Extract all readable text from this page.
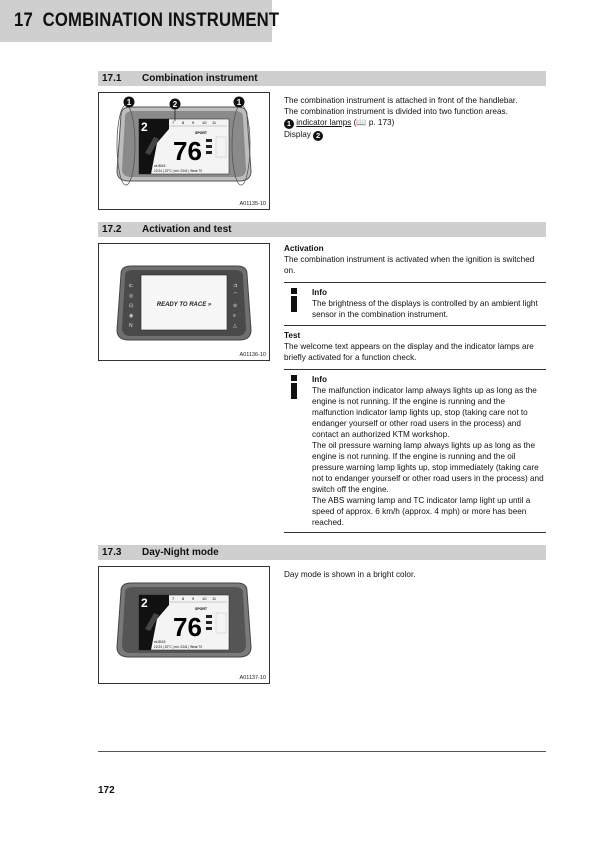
17 COMBINATION INSTRUMENT
17.1	Combination instrument
2	7 8 9 10 11
SPORT
76
mi 8043
12:24 | 22°C | mi= 2341 | Wear 70
1	2	1
A01135-10

The combination instrument is attached in front of the handlebar.

The combination instrument is divided into two function areas.

1 indicator lamps (📖 p. 173)

Display 2

17.2	Activation and test
READY TO RACE »
⇇
◎
⊡
◉
N
⇉
⌒
⊘
≡
△
A01136-10

Activation

The combination instrument is activated when the ignition is switched on.

Info
The brightness of the displays is controlled by an ambient light sensor in the combination instrument.

Test

The welcome text appears on the display and the indicator lamps are briefly activated for a function check.

Info
The malfunction indicator lamp always lights up as long as the engine is not running. If the engine is running and the malfunction indicator lamp lights up, stop (taking care not to endanger yourself or other road users in the process) and contact an authorized KTM workshop.
The oil pressure warning lamp always lights up as long as the engine is not running. If the engine is running and the oil pressure warning lamp lights up, stop immediately (taking care not to endanger yourself or other road users in the process) and switch off the engine.
The ABS warning lamp and TC indicator lamp light up until a speed of approx. 6 km/h (approx. 4 mph) or more has been reached.
17.3	Day-Night mode
2	7 8 9 10 11
SPORT
76
mi 8043
12:24 | 22°C | mi= 2341 | Wear 70
A01137-10

Day mode is shown in a bright color.

172
